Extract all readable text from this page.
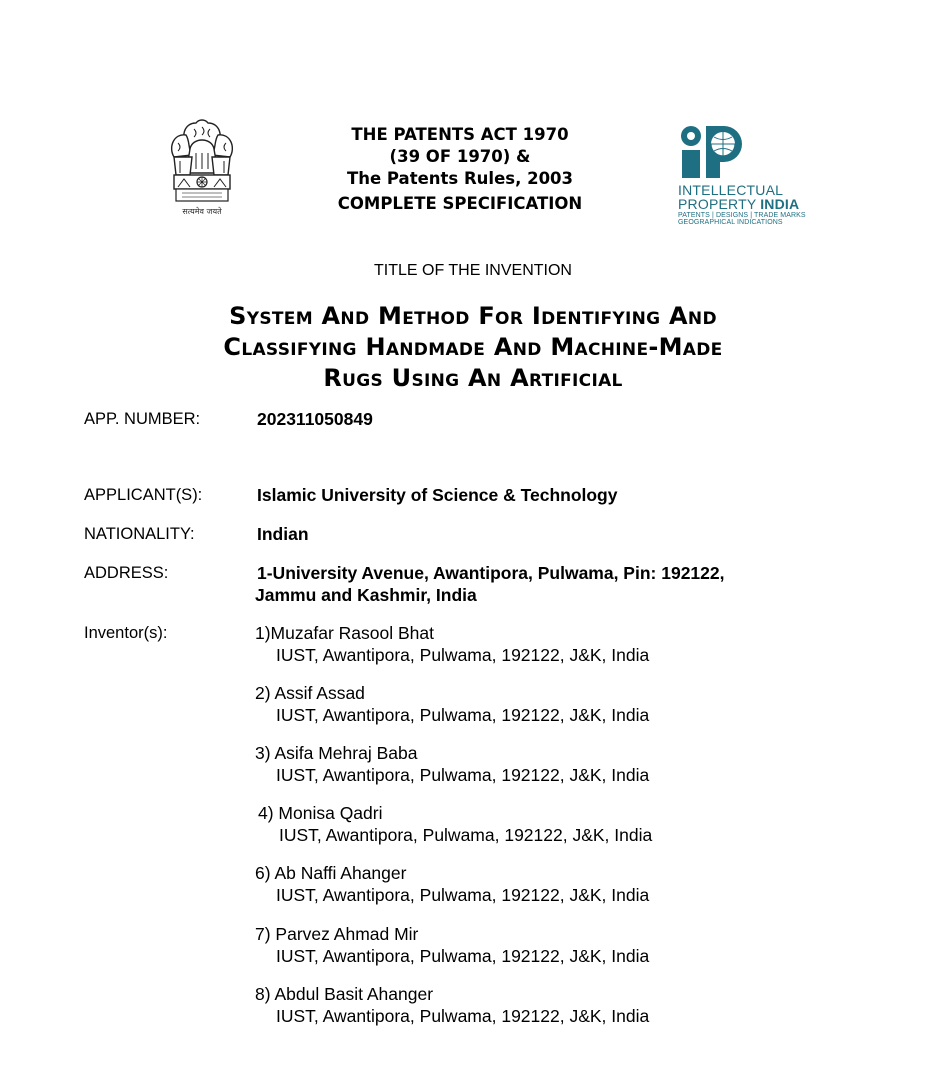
सत्यमेव जयते
THE PATENTS ACT 1970
(39 OF 1970) &
The Patents Rules, 2003
COMPLETE SPECIFICATION
INTELLECTUAL
PROPERTY INDIA
PATENTS | DESIGNS | TRADE MARKS
GEOGRAPHICAL INDICATIONS
TITLE OF THE INVENTION
System And Method For Identifying And
Classifying Handmade And Machine-Made
Rugs Using An Artificial
APP. NUMBER:	202311050849
APPLICANT(S):	Islamic University of Science & Technology
NATIONALITY:	Indian
ADDRESS:	1-University Avenue, Awantipora, Pulwama, Pin: 192122,
Jammu and Kashmir, India
Inventor(s):	1)Muzafar Rasool Bhat
IUST, Awantipora, Pulwama, 192122, J&K, India
2) Assif Assad
IUST, Awantipora, Pulwama, 192122, J&K, India
3) Asifa Mehraj Baba
IUST, Awantipora, Pulwama, 192122, J&K, India
4) Monisa Qadri
IUST, Awantipora, Pulwama, 192122, J&K, India
6) Ab Naffi Ahanger
IUST, Awantipora, Pulwama, 192122, J&K, India
7) Parvez Ahmad Mir
IUST, Awantipora, Pulwama, 192122, J&K, India
8) Abdul Basit Ahanger
IUST, Awantipora, Pulwama, 192122, J&K, India
